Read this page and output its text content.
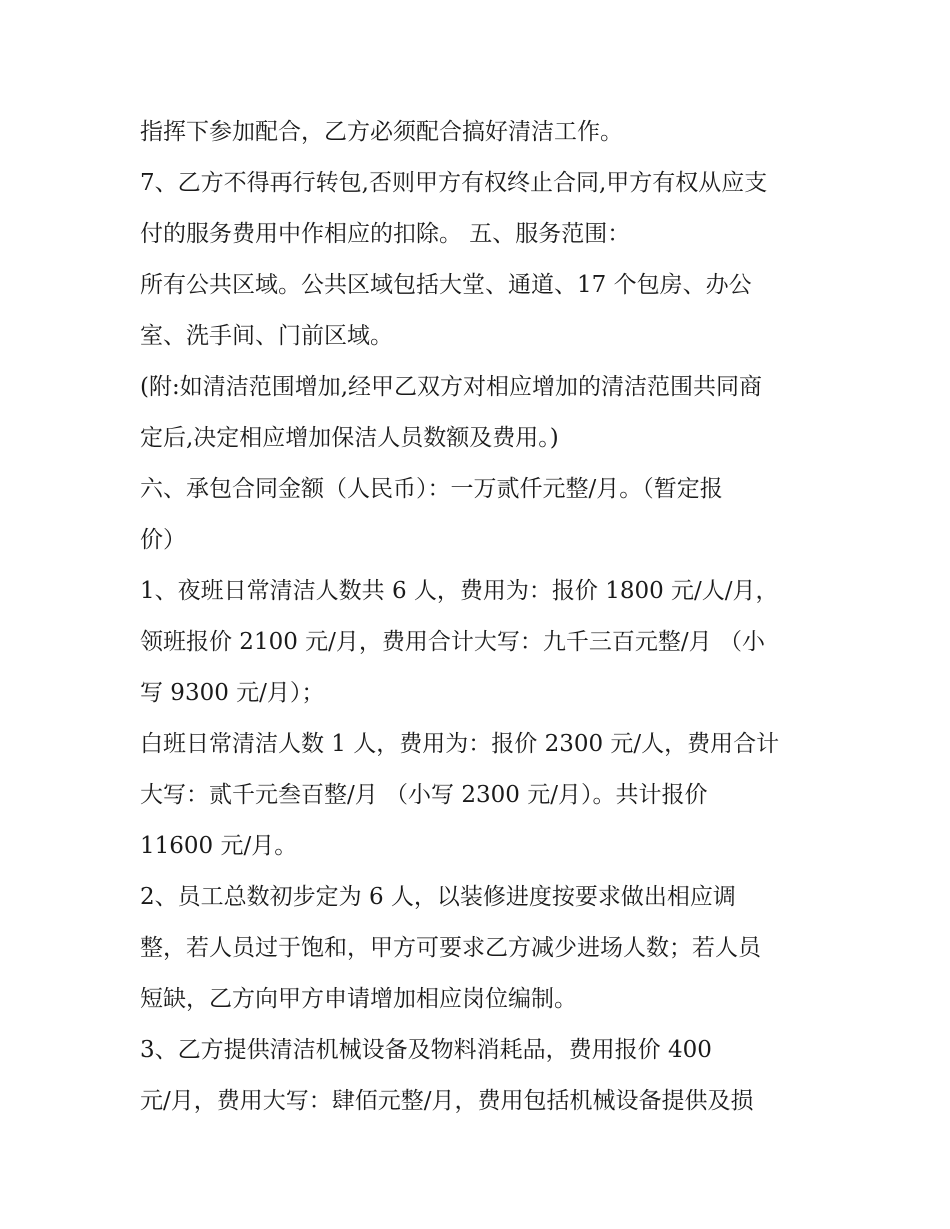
指挥下参加配合，乙方必须配合搞好清洁工作。
7、乙方不得再行转包,否则甲方有权终止合同,甲方有权从应支
付的服务费用中作相应的扣除。 五、服务范围：
所有公共区域。公共区域包括大堂、通道、17 个包房、办公
室、洗手间、门前区域。
(附:如清洁范围增加,经甲乙双方对相应增加的清洁范围共同商
定后,决定相应增加保洁人员数额及费用。)
六、承包合同金额（人民币）：一万贰仟元整/月。（暂定报
价）
1、夜班日常清洁人数共 6 人，费用为：报价 1800 元/人/月，
领班报价 2100 元/月，费用合计大写：九千三百元整/月 （小
写 9300 元/月）；
白班日常清洁人数 1 人，费用为：报价 2300 元/人，费用合计
大写：贰千元叁百整/月 （小写 2300 元/月）。共计报价
11600 元/月。
2、员工总数初步定为 6 人，以装修进度按要求做出相应调
整，若人员过于饱和，甲方可要求乙方减少进场人数；若人员
短缺，乙方向甲方申请增加相应岗位编制。
3、乙方提供清洁机械设备及物料消耗品，费用报价 400
元/月，费用大写：肆佰元整/月，费用包括机械设备提供及损
